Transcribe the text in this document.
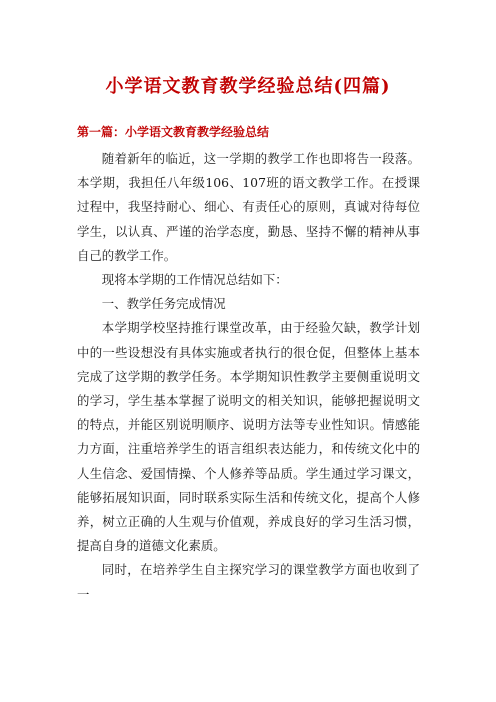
小学语文教育教学经验总结(四篇)
第一篇：小学语文教育教学经验总结

随着新年的临近，这一学期的教学工作也即将告一段落。本学期，我担任八年级106、107班的语文教学工作。在授课过程中，我坚持耐心、细心、有责任心的原则，真诚对待每位学生，以认真、严谨的治学态度，勤恳、坚持不懈的精神从事自己的教学工作。

现将本学期的工作情况总结如下：

一、教学任务完成情况

本学期学校坚持推行课堂改革，由于经验欠缺，教学计划中的一些设想没有具体实施或者执行的很仓促，但整体上基本完成了这学期的教学任务。本学期知识性教学主要侧重说明文的学习，学生基本掌握了说明文的相关知识，能够把握说明文的特点，并能区别说明顺序、说明方法等专业性知识。情感能力方面，注重培养学生的语言组织表达能力，和传统文化中的人生信念、爱国情操、个人修养等品质。学生通过学习课文，能够拓展知识面，同时联系实际生活和传统文化，提高个人修养，树立正确的人生观与价值观，养成良好的学习生活习惯，提高自身的道德文化素质。

同时，在培养学生自主探究学习的课堂教学方面也收到了一
